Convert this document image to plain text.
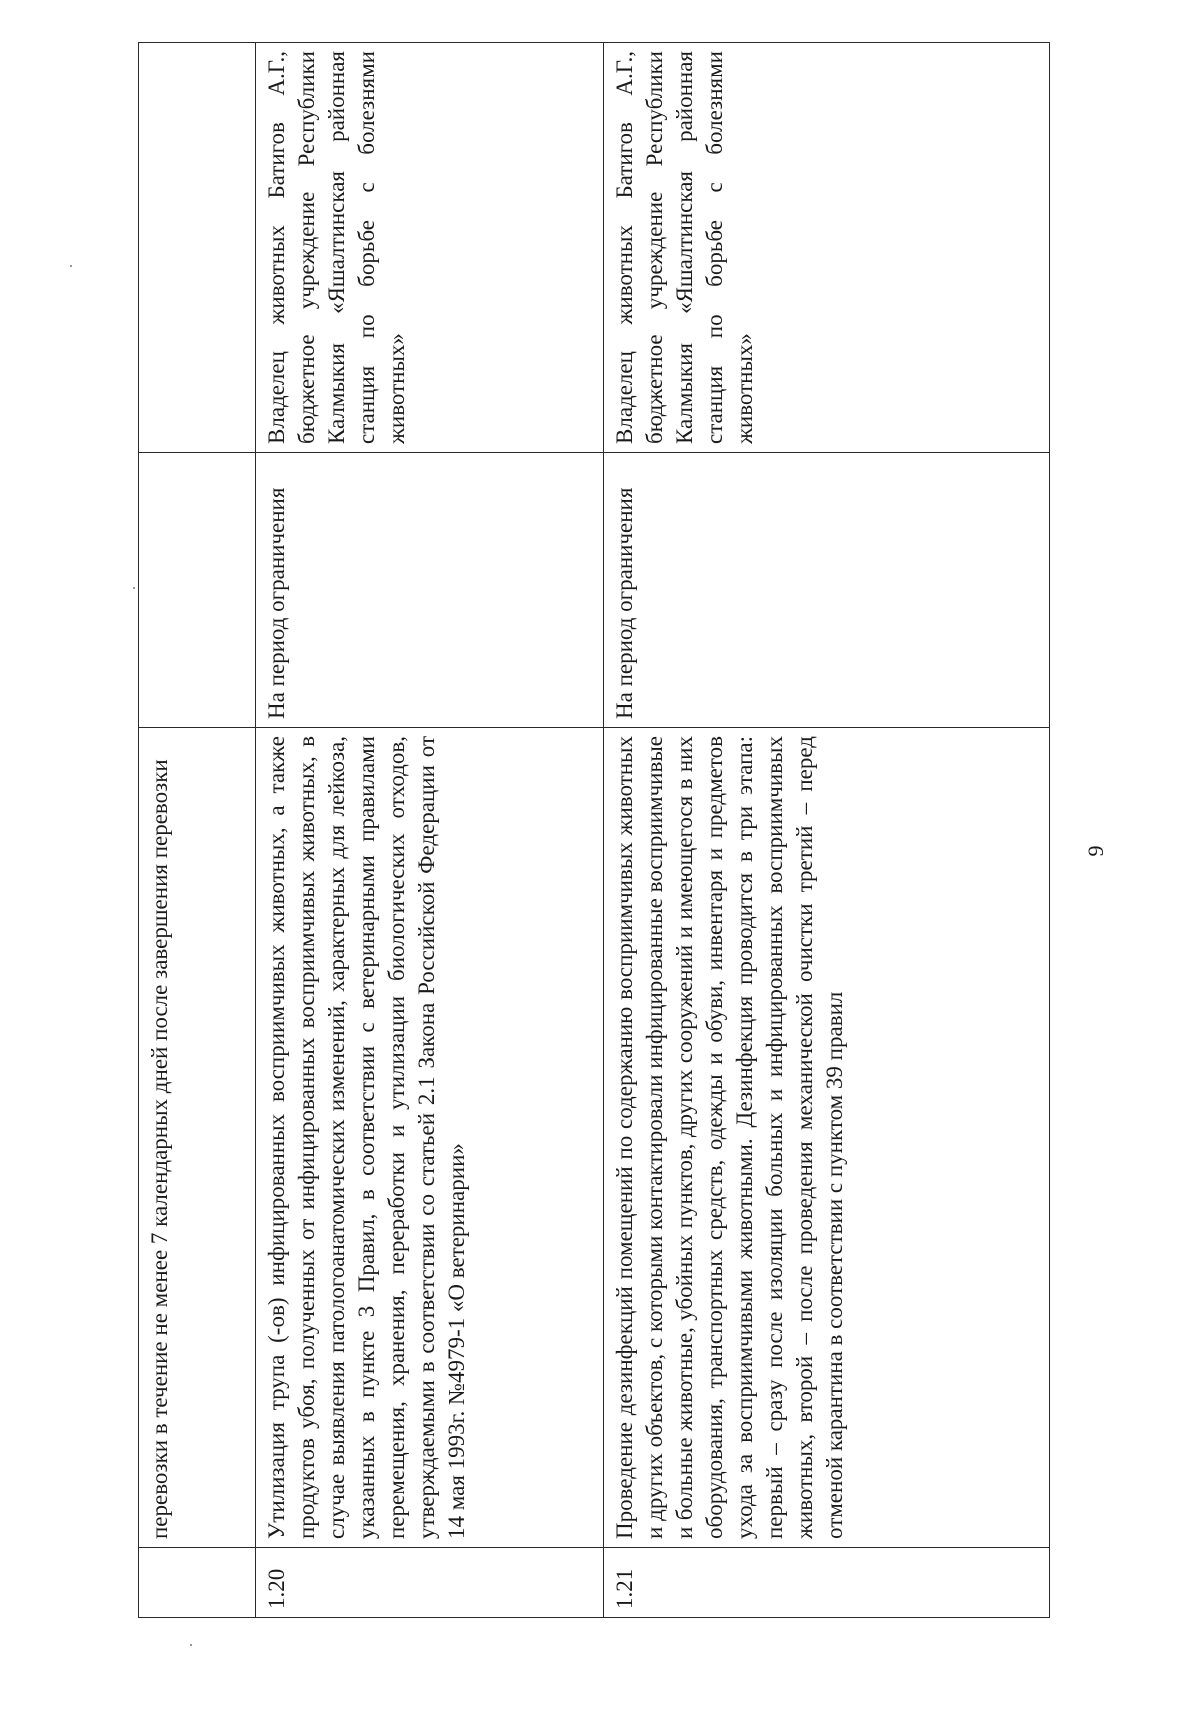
	перевозки в течение не менее 7 календарных дней после завершения перевозки		
1.20	Утилизация трупа (-ов) инфицированных восприимчивых животных, а также продуктов убоя, полученных от инфицированных восприимчивых животных, в случае выявления патологоанатомических изменений, характерных для лейкоза, указанных в пункте 3 Правил, в соответствии с ветеринарными правилами перемещения, хранения, переработки и утилизации биологических отходов, утверждаемыми в соответствии со статьей 2.1 Закона Российской Федерации от 14 мая 1993г. №4979-1 «О ветеринарии»	На период ограничения	Владелец животных Батигов А.Г., бюджетное учреждение Республики Калмыкия «Яшалтинская районная станция по борьбе с болезнями животных»
1.21	Проведение дезинфекций помещений по содержанию восприимчивых животных и других объектов, с которыми контактировали инфицированные восприимчивые и больные животные, убойных пунктов, других сооружений и имеющегося в них оборудования, транспортных средств, одежды и обуви, инвентаря и предметов ухода за восприимчивыми животными. Дезинфекция проводится в три этапа: первый – сразу после изоляции больных и инфицированных восприимчивых животных, второй – после проведения механической очистки третий – перед отменой карантина в соответствии с пунктом 39 правил	На период ограничения	Владелец животных Батигов А.Г., бюджетное учреждение Республики Калмыкия «Яшалтинская районная станция по борьбе с болезнями животных»
9
